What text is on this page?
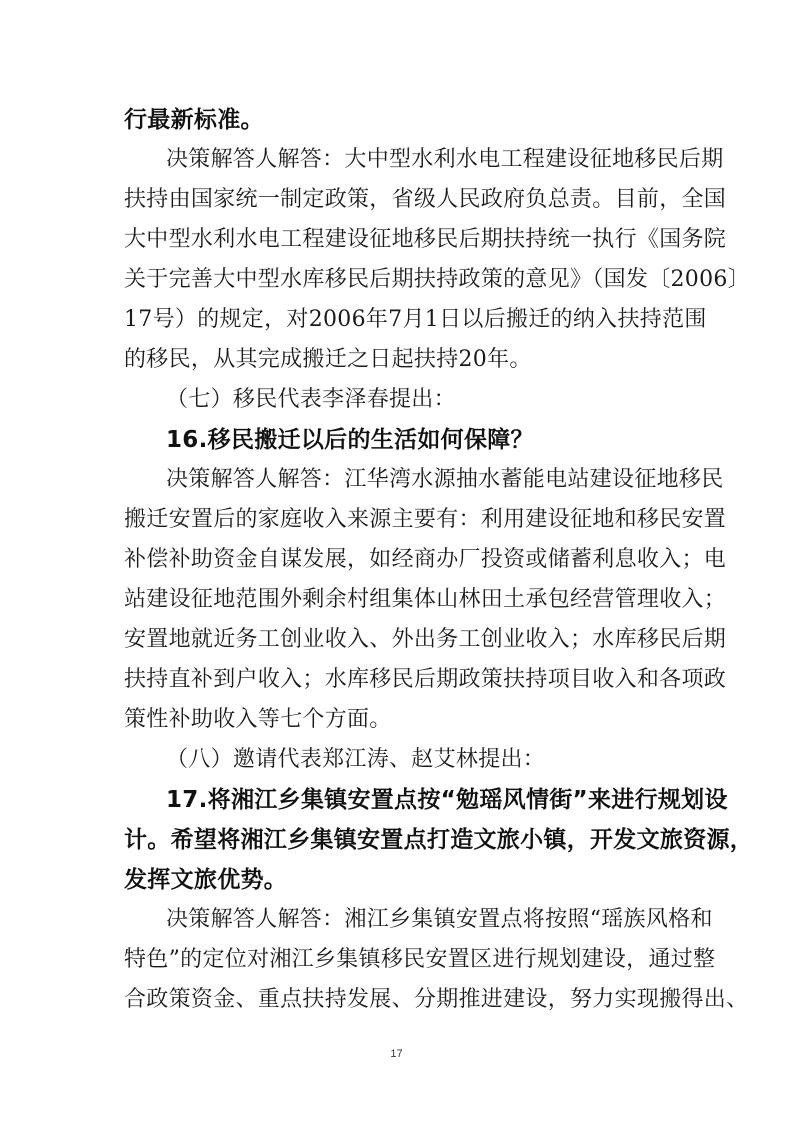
行最新标准。
决策解答人解答：大中型水利水电工程建设征地移民后期
扶持由国家统一制定政策，省级人民政府负总责。目前，全国
大中型水利水电工程建设征地移民后期扶持统一执行《国务院
关于完善大中型水库移民后期扶持政策的意见》（国发〔2006〕
17号）的规定，对2006年7月1日以后搬迁的纳入扶持范围
的移民，从其完成搬迁之日起扶持20年。
（七）移民代表李泽春提出：
16.移民搬迁以后的生活如何保障？
决策解答人解答：江华湾水源抽水蓄能电站建设征地移民
搬迁安置后的家庭收入来源主要有：利用建设征地和移民安置
补偿补助资金自谋发展，如经商办厂投资或储蓄利息收入；电
站建设征地范围外剩余村组集体山林田土承包经营管理收入；
安置地就近务工创业收入、外出务工创业收入；水库移民后期
扶持直补到户收入；水库移民后期政策扶持项目收入和各项政
策性补助收入等七个方面。
（八）邀请代表郑江涛、赵艾林提出：
17.将湘江乡集镇安置点按“勉瑶风情街”来进行规划设
计。希望将湘江乡集镇安置点打造文旅小镇，开发文旅资源，
发挥文旅优势。
决策解答人解答：湘江乡集镇安置点将按照“瑶族风格和
特色”的定位对湘江乡集镇移民安置区进行规划建设，通过整
合政策资金、重点扶持发展、分期推进建设，努力实现搬得出、
17
